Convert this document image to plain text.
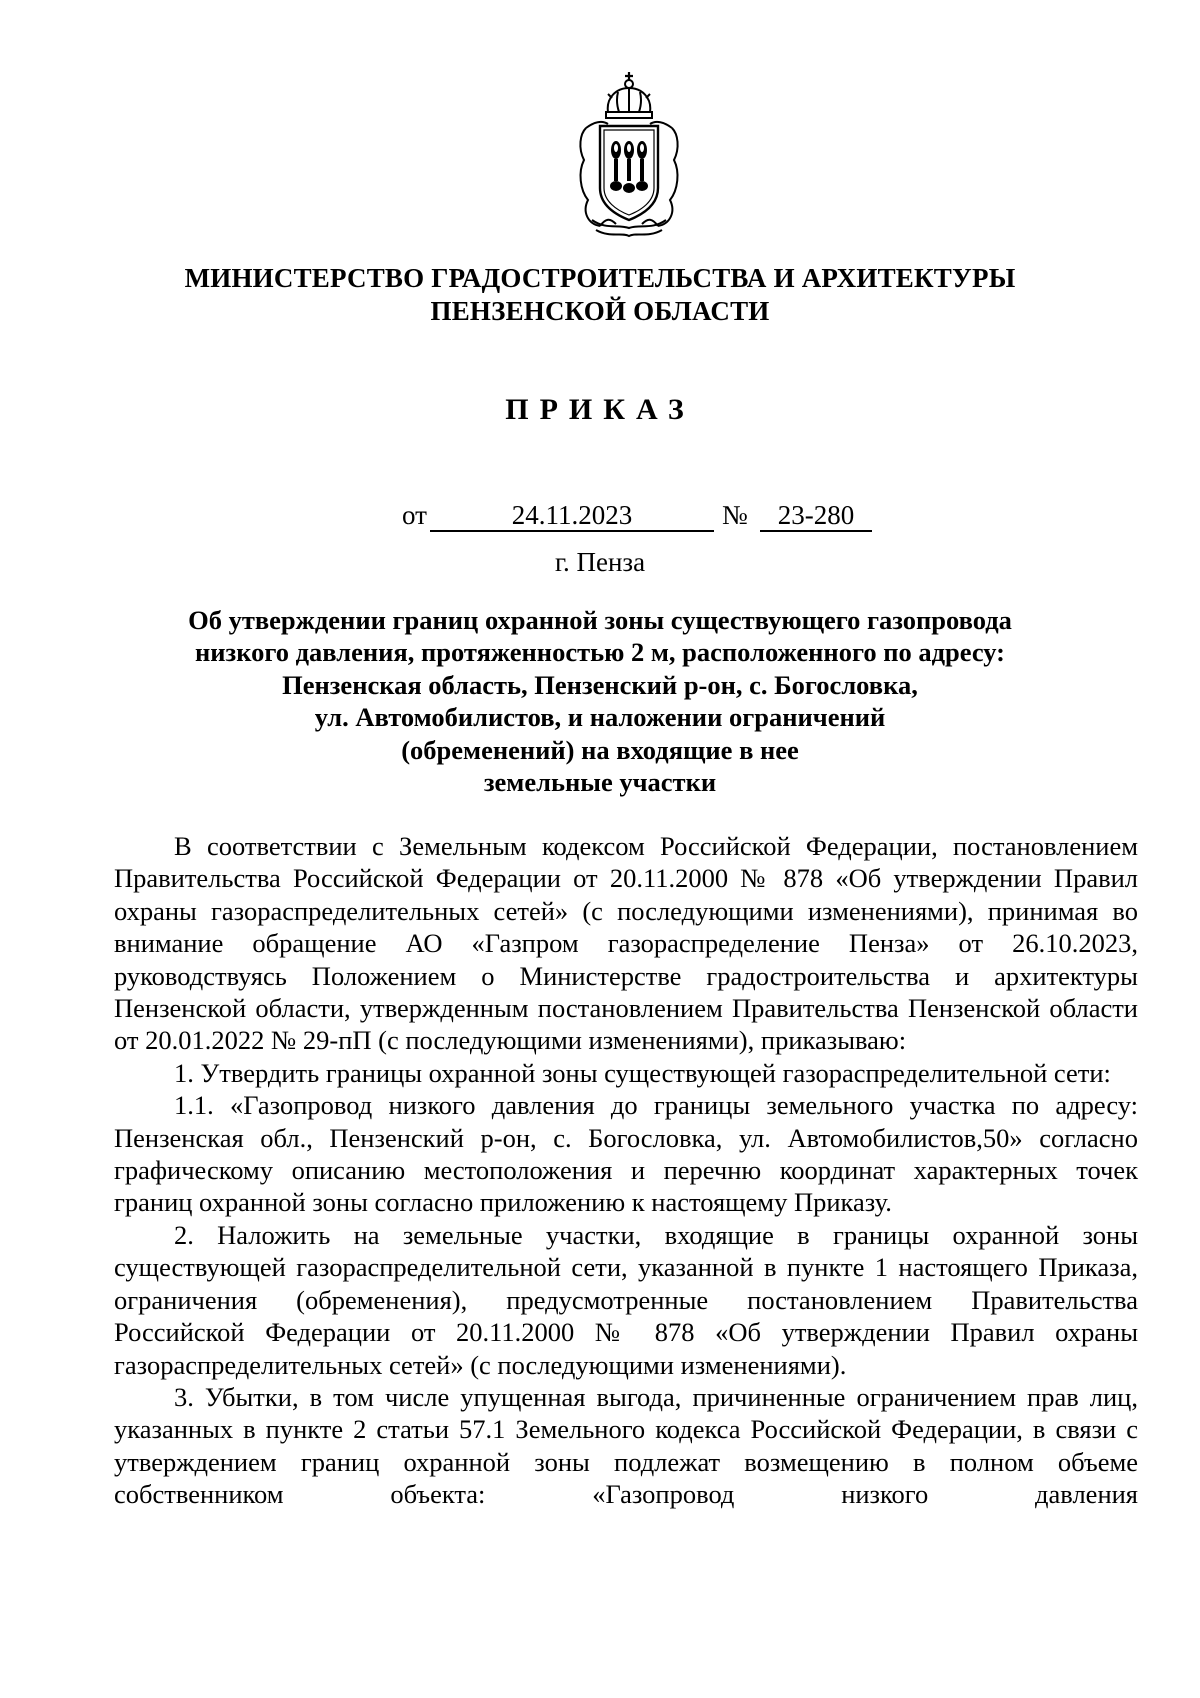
МИНИСТЕРСТВО ГРАДОСТРОИТЕЛЬСТВА И АРХИТЕКТУРЫ
ПЕНЗЕНСКОЙ ОБЛАСТИ
ПРИКАЗ
от	24.11.2023	№	23-280
г. Пенза
Об утверждении границ охранной зоны существующего газопровода
низкого давления, протяженностью 2 м, расположенного по адресу:
Пензенская область, Пензенский р-он, с. Богословка,
ул. Автомобилистов, и наложении ограничений
(обременений) на входящие в нее
земельные участки

В соответствии с Земельным кодексом Российской Федерации, постановлением Правительства Российской Федерации от 20.11.2000 № 878 «Об утверждении Правил охраны газораспределительных сетей» (с последующими изменениями), принимая во внимание обращение АО «Газпром газораспределение Пенза» от 26.10.2023, руководствуясь Положением о Министерстве градостроительства и архитектуры Пензенской области, утвержденным постановлением Правительства Пензенской области от 20.01.2022 № 29-пП (с последующими изменениями), приказываю:

1. Утвердить границы охранной зоны существующей газораспределительной сети:

1.1. «Газопровод низкого давления до границы земельного участка по адресу: Пензенская обл., Пензенский р-он, с. Богословка, ул. Автомобилистов,50» согласно графическому описанию местоположения и перечню координат характерных точек границ охранной зоны согласно приложению к настоящему Приказу.

2. Наложить на земельные участки, входящие в границы охранной зоны существующей газораспределительной сети, указанной в пункте 1 настоящего Приказа, ограничения (обременения), предусмотренные постановлением Правительства Российской Федерации от 20.11.2000 № 878 «Об утверждении Правил охраны газораспределительных сетей» (с последующими изменениями).

3. Убытки, в том числе упущенная выгода, причиненные ограничением прав лиц, указанных в пункте 2 статьи 57.1 Земельного кодекса Российской Федерации, в связи с утверждением границ охранной зоны подлежат возмещению в полном объеме собственником объекта: «Газопровод низкого давления
